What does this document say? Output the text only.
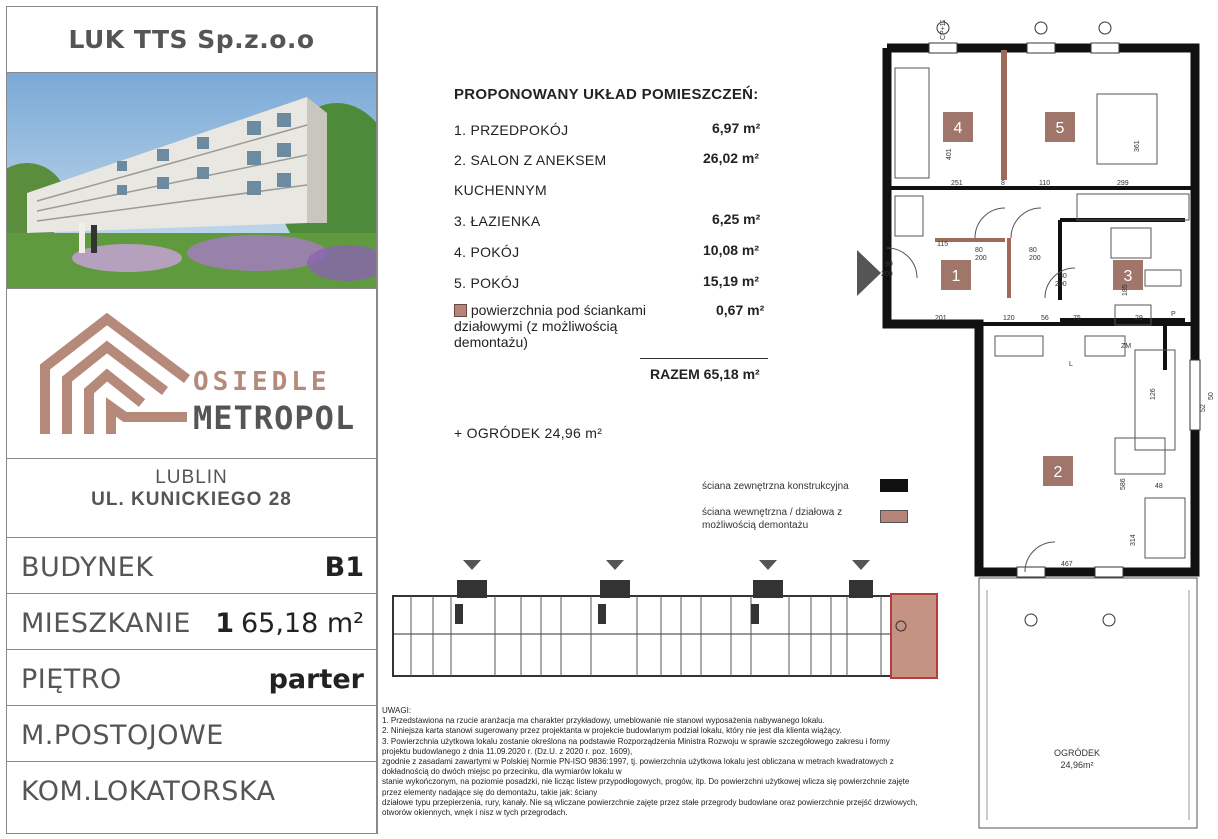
LUK TTS Sp.z.o.o
OSIEDLE
METROPOL
LUBLIN
UL. KUNICKIEGO 28
BUDYNEK	B1
MIESZKANIE 1 65,18 m²
PIĘTRO	parter
M.POSTOJOWE
KOM.LOKATORSKA
PROPONOWANY UKŁAD POMIESZCZEŃ:
1. PRZEDPOKÓJ	6,97 m²
2. SALON Z ANEKSEM	26,02 m²
KUCHENNYM
3. ŁAZIENKA	6,25 m²
4. POKÓJ	10,08 m²
5. POKÓJ	15,19 m²
powierzchnia pod ściankami działowymi (z możliwością demontażu)
0,67 m²
RAZEM 65,18 m²
+ OGRÓDEK 24,96 m²
ściana zewnętrzna konstrukcyjna
ściana wewnętrzna / działowa z
możliwością demontażu
UWAGI:
1. Przedstawiona na rzucie aranżacja ma charakter przykładowy, umeblowanie nie stanowi wyposażenia nabywanego lokalu.
2. Niniejsza karta stanowi sugerowany przez projektanta w projekcie budowlanym podział lokalu, który nie jest dla klienta wiążący.
3. Powierzchnia użytkowa lokalu zostanie określona na podstawie Rozporządzenia Ministra Rozwoju w sprawie szczegółowego zakresu i formy
projektu budowlanego z dnia 11.09.2020 r. (Dz.U. z 2020 r. poz. 1609),
zgodnie z zasadami zawartymi w Polskiej Normie PN-ISO 9836:1997, tj. powierzchnia użytkowa lokalu jest obliczana w metrach kwadratowych z
dokładnością do dwóch miejsc po przecinku, dla wymiarów lokalu w
stanie wykończonym, na poziomie posadzki, nie licząc listew przypodłogowych, progów, itp. Do powierzchni użytkowej wlicza się powierzchnie zajęte
przez elementy nadające się do demontażu, takie jak: ściany
działowe typu przepierzenia, rury, kanały. Nie są wliczane powierzchnie zajęte przez stałe przegrody budowlane oraz powierzchnie przejść drzwiowych,
otworów okiennych, wnęk i nisz w tych przegrodach.
4	5
1	3
2
251	8	110	299
201	120	56	75	29
467
48
115
80
200
80
200
80
200
90
200
L
ZM
P
401
361
185
314
586
126
52
50
CP+125
OGRÓDEK
24,96m²
